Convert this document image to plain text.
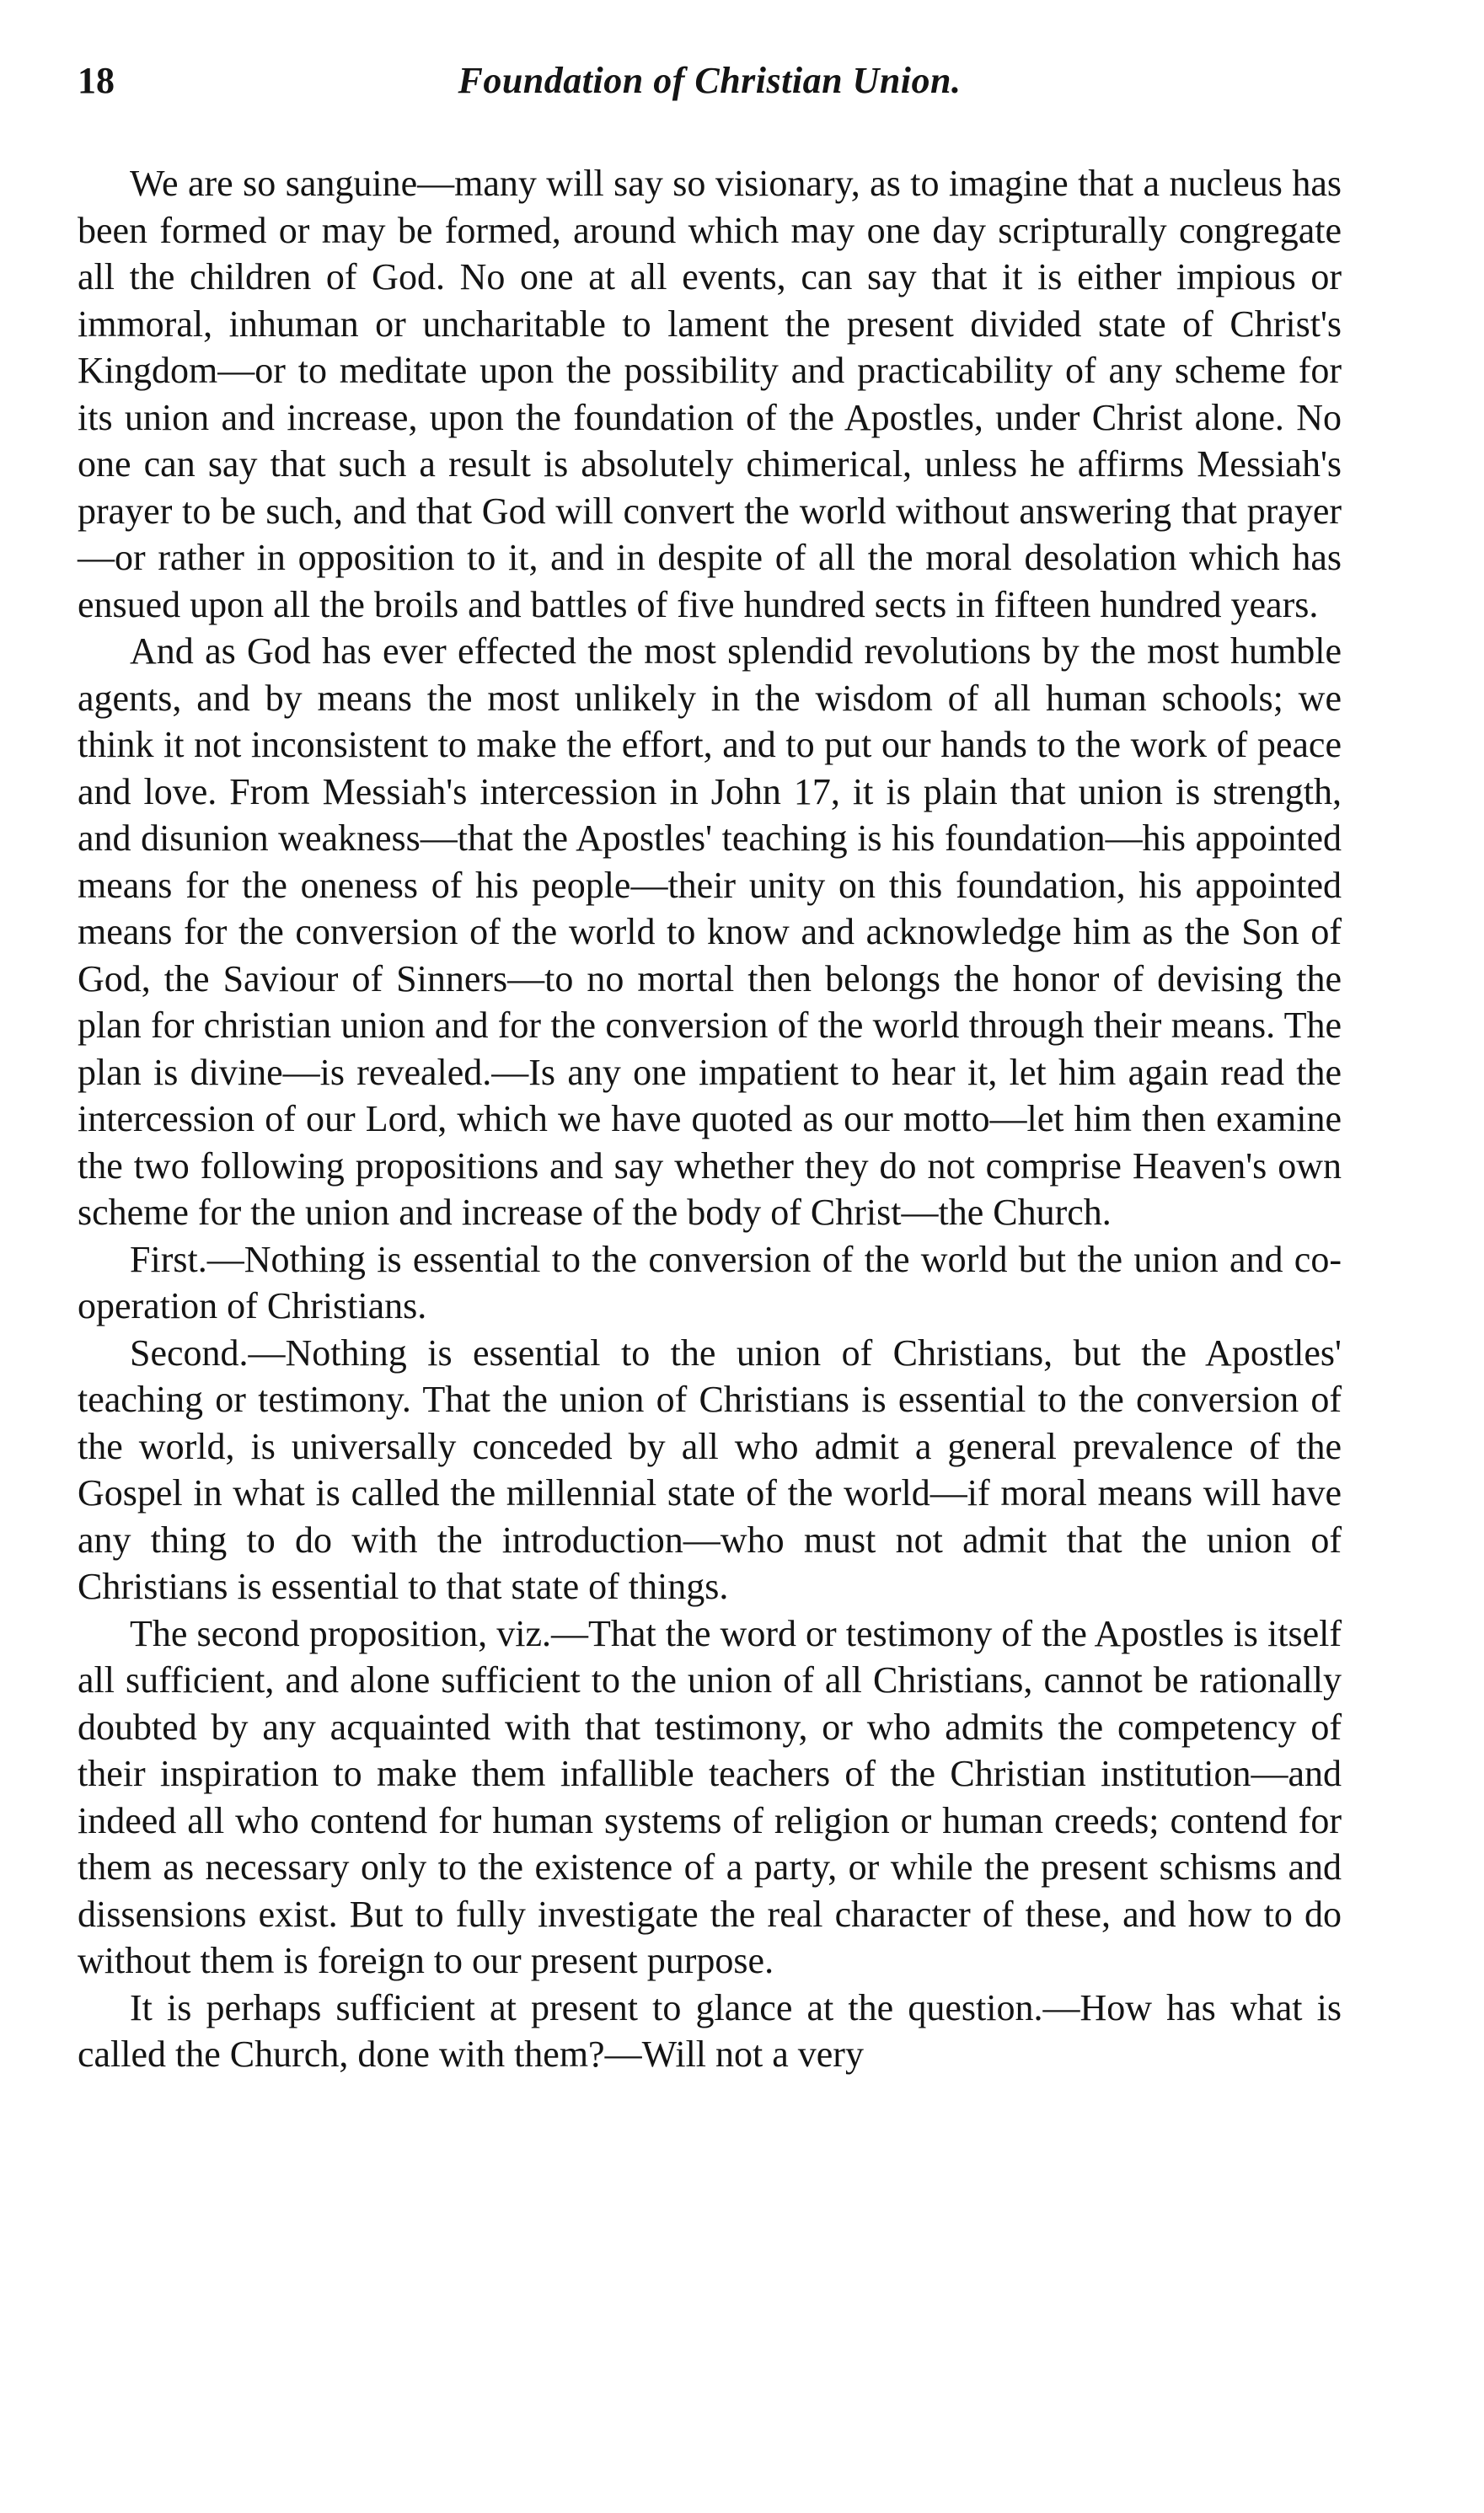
18	Foundation of Christian Union.

We are so sanguine—many will say so visionary, as to imagine that a nucleus has been formed or may be formed, around which may one day scripturally congregate all the children of God. No one at all events, can say that it is either impious or immoral, inhuman or uncharitable to lament the present divided state of Christ's Kingdom—or to meditate upon the possibility and practicability of any scheme for its union and increase, upon the foundation of the Apostles, under Christ alone. No one can say that such a result is absolutely chimerical, unless he affirms Messiah's prayer to be such, and that God will convert the world without answering that prayer—or rather in opposition to it, and in despite of all the moral desolation which has ensued upon all the broils and battles of five hundred sects in fifteen hundred years.

And as God has ever effected the most splendid revolutions by the most humble agents, and by means the most unlikely in the wisdom of all human schools; we think it not inconsistent to make the effort, and to put our hands to the work of peace and love. From Messiah's intercession in John 17, it is plain that union is strength, and disunion weakness—that the Apostles' teaching is his foundation—his appointed means for the oneness of his people—their unity on this foundation, his appointed means for the conversion of the world to know and acknowledge him as the Son of God, the Saviour of Sinners—to no mortal then belongs the honor of devising the plan for christian union and for the conversion of the world through their means. The plan is divine—is revealed.—Is any one impatient to hear it, let him again read the intercession of our Lord, which we have quoted as our motto—let him then examine the two following propositions and say whether they do not comprise Heaven's own scheme for the union and increase of the body of Christ—the Church.

First.—Nothing is essential to the conversion of the world but the union and co-operation of Christians.

Second.—Nothing is essential to the union of Christians, but the Apostles' teaching or testimony. That the union of Christians is essential to the conversion of the world, is universally conceded by all who admit a general prevalence of the Gospel in what is called the millennial state of the world—if moral means will have any thing to do with the introduction—who must not admit that the union of Christians is essential to that state of things.

The second proposition, viz.—That the word or testimony of the Apostles is itself all sufficient, and alone sufficient to the union of all Christians, cannot be rationally doubted by any acquainted with that testimony, or who admits the competency of their inspiration to make them infallible teachers of the Christian institution—and indeed all who contend for human systems of religion or human creeds; contend for them as necessary only to the existence of a party, or while the present schisms and dissensions exist. But to fully investigate the real character of these, and how to do without them is foreign to our present purpose.

It is perhaps sufficient at present to glance at the question.—How has what is called the Church, done with them?—Will not a very
